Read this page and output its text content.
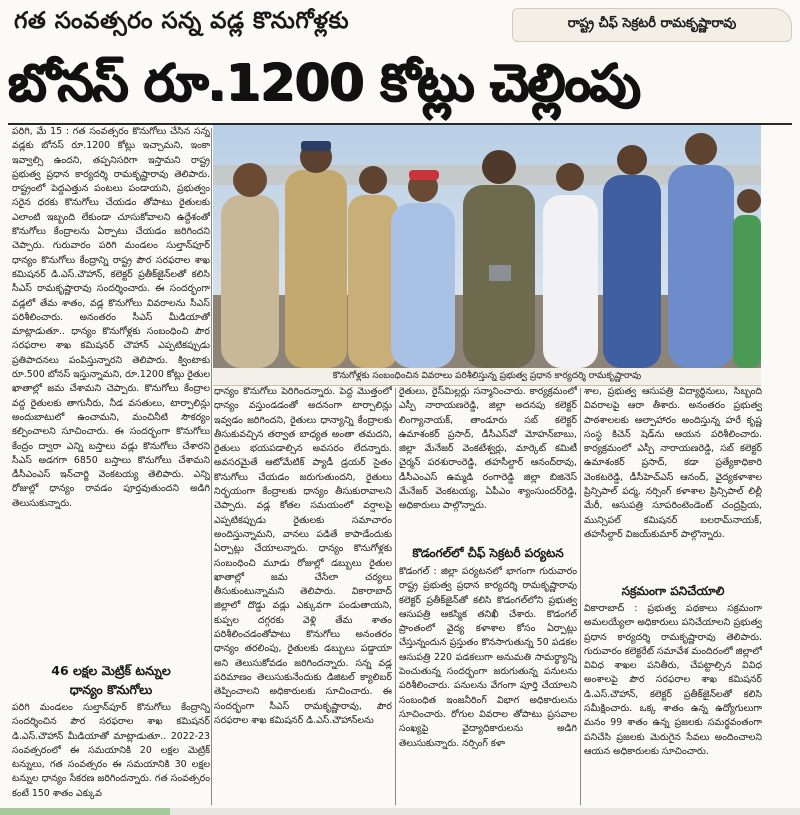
గత సంవత్సరం సన్న వడ్ల కొనుగోళ్లకు	రాష్ట్ర చీఫ్ సెక్రటరీ రామకృష్ణారావు
బోనస్ రూ.1200 కోట్లు చెల్లింపు

పరిగి, మే 15 : గత సంవత్సరం కొనుగోలు చేసిన సన్న వడ్లకు బోనస్ రూ.1200 కోట్లు ఇచ్చామని, ఇంకా ఇవ్వాల్సి ఉందని, తప్పనిసరిగా ఇస్తామని రాష్ట్ర ప్రభుత్వ ప్రధాన కార్యదర్శి రామకృష్ణారావు తెలిపారు. రాష్ట్రంలో పెద్దఎత్తున పంటలు పండాయని, ప్రభుత్వం సరైన ధరకు కొనుగోలు చేయడం తోపాటు రైతులకు ఎలాంటి ఇబ్బంది లేకుండా చూసుకోవాలని ఉద్దేశంతో కొనుగోలు కేంద్రాలను ఏర్పాటు చేయడం జరిగిందని చెప్పారు. గురువారం పరిగి మండలం సుల్తాన్‌పూర్ ధాన్యం కొనుగోలు కేంద్రాన్ని రాష్ట్ర పౌర సరఫరాల శాఖ కమిషనర్ డి.ఎస్.చౌహాన్, కలెక్టర్ ప్రతీక్‌జైన్‌లతో కలిసి సీఎస్ రామకృష్ణారావు సందర్శించారు. ఈ సందర్భంగా వడ్లలో తేమ శాతం, వడ్ల కొనుగోలు వివరాలను సీఎస్ పరిశీలించారు. అనంతరం సీఎస్ మీడియాతో మాట్లాడుతూ.. ధాన్యం కొనుగోళ్లకు సంబంధించి పౌర సరఫరాల శాఖ కమిషనర్ చౌహాన్ ఎప్పటికప్పుడు ప్రతిపాదనలు పంపిస్తున్నారని తెలిపారు. క్వింటాకు రూ.500 బోనస్ ఇస్తున్నామని, రూ.1200 కోట్లు రైతుల ఖాతాల్లో జమ చేశామని చెప్పారు. కొనుగోలు కేంద్రాల వద్ద రైతులకు తాగునీరు, నీడ వసతులు, టార్పాలిన్లు అందుబాటులో ఉంచామని, మంచినీటి సౌకర్యం కల్పించాలని సూచించారు. ఈ సందర్భంగా కొనుగోలు కేంద్రం ద్వారా ఎన్ని బస్తాలు వడ్లు కొనుగోలు చేశారని సీఎస్ అడగగా 6850 బస్తాలు కొనుగోలు చేశామని డీసీఎంఎస్ ఇన్‌చార్జి వెంకటయ్య తెలిపారు. ఎన్ని రోజుల్లో ధాన్యం రావడం పూర్తవుతుందని అడిగి తెలుసుకున్నారు.

46 లక్షల మెట్రిక్ టన్నుల
ధాన్యం కొనుగోలు

పరిగి మండలం సుల్తాన్‌పూర్ కొనుగోలు కేంద్రాన్ని సందర్శించిన పౌర సరఫరాల శాఖ కమిషనర్ డి.ఎస్.చౌహాన్ మీడియాతో మాట్లాడుతూ.. 2022-23 సంవత్సరంలో ఈ సమయానికి 20 లక్షల మెట్రిక్ టన్నులు, గత సంవత్సరం ఈ సమయానికి 30 లక్షల టన్నుల ధాన్యం సేకరణ జరిగిందన్నారు. గత సంవత్సరం కంటే 150 శాతం ఎక్కువ

కొనుగోళ్లకు సంబంధించిన వివరాలు పరిశీలిస్తున్న ప్రభుత్వ ప్రధాన కార్యదర్శి రామకృష్ణారావు

ధాన్యం కొనుగోలు పెరిగిందన్నారు. పెద్ద మొత్తంలో ధాన్యం వస్తుండడంతో అదనంగా టార్పాలిన్లు ఇవ్వడం జరిగిందని, రైతులు ధాన్యాన్ని కేంద్రాలకు తీసుకువచ్చిన తర్వాత బాధ్యత అంతా తమదని, రైతులు భయపడాల్సిన అవసరం లేదన్నారు. అవసరమైతే ఆటోమేటిక్ ప్యాడీ డ్రయర్ సైతం కొనుగోలు చేయడం జరుగుతుందని, రైతులు నిర్భయంగా కేంద్రాలకు ధాన్యం తీసుకురావాలని చెప్పారు. వడ్ల కోతల సమయంలో వర్షాలపై ఎప్పటికప్పుడు రైతులకు సమాచారం అందిస్తున్నామని, వానలు పడితే కాపాడేందుకు ఏర్పాట్లు చేయాలన్నారు. ధాన్యం కొనుగోళ్లకు సంబంధించి మూడు రోజుల్లో డబ్బులు రైతుల ఖాతాల్లో జమ చేసేలా చర్యలు తీసుకుంటున్నామని తెలిపారు. వికారాబాద్ జిల్లాలో దొడ్డు వడ్లు ఎక్కువగా పండుతాయని, కుప్పల దగ్గరకు వెళ్లి తేమ శాతం పరిశీలించడంతోపాటు కొనుగోలు అనంతరం ధాన్యం తరలింపు, రైతులకు డబ్బులు పడ్డాయా అని తెలుసుకోవడం జరిగిందన్నారు. సన్న వడ్ల పరిమాణం తెలుసుకునేందుకు డిజిటల్ క్యాలిబర్ తెప్పించాలని అధికారులకు సూచించారు. ఈ సందర్భంగా సీఎస్ రామకృష్ణారావు, పౌర సరఫరాల శాఖ కమిషనర్ డి.ఎస్.చౌహాన్‌లను

రైతులు, రైస్‌మిల్లర్లు సన్మానించారు. కార్యక్రమంలో ఎస్పీ నారాయణరెడ్డి, జిల్లా అదనపు కలెక్టర్ లింగ్యానాయక్, తాండూరు సబ్ కలెక్టర్ ఉమాశంకర్ ప్రసాద్, డీసీఎస్‌వో మోహన్‌బాబు, జిల్లా మేనేజర్ వెంకటేశ్వర్లు, మార్కెట్ కమిటీ చైర్మన్ పరశురాంరెడ్డి, తహసీల్దార్ ఆనంద్‌రావు, డీసీఎంఎస్ ఉమ్మడి రంగారెడ్డి జిల్లా బిజినెస్ మేనేజర్ వెంకటయ్య, ఏపీఎం శ్యాంసుందర్‌రెడ్డి, అధికారులు పాల్గొన్నారు.

కొడంగల్‌లో చీఫ్ సెక్రటరీ పర్యటన

కొడంగల్ : జిల్లా పర్యటనలో భాగంగా గురువారం రాష్ట్ర ప్రభుత్వ ప్రధాన కార్యదర్శి రామకృష్ణారావు కలెక్టర్ ప్రతీక్‌జైన్‌తో కలిసి కొడంగల్‌లోని ప్రభుత్వ ఆసుపత్రి ఆకస్మిక తనిఖీ చేశారు. కొడంగల్ ప్రాంతంలో వైద్య కళాశాల కోసం ఏర్పాట్లు చేస్తున్నందున ప్రస్తుతం కొనసాగుతున్న 50 పడకల ఆసుపత్రి 220 పడకలుగా అనుమతి సామర్థ్యాన్ని పెంచుతున్న సందర్భంగా జరుగుతున్న పనులను పరిశీలించారు. పనులను వేగంగా పూర్తి చేయాలని సంబంధిత ఇంజనీరింగ్ విభాగ అధికారులను సూచించారు. రోగుల వివరాల తోపాటు ప్రసవాల సంఖ్యపై వైద్యాధికారులను అడిగి తెలుసుకున్నారు. నర్సింగ్ కళా

శాల, ప్రభుత్వ ఆసుపత్రి విద్యార్థినులు, సిబ్బంది వివరాలపై ఆరా తీశారు. అనంతరం ప్రభుత్వ పాఠశాలలకు ఆల్పాహారం అందిస్తున్న హరే కృష్ణ సంస్థ కిచెన్ షెడ్‌ను ఆయన పరిశీలించారు. కార్యక్రమంలో ఎస్పీ నారాయణరెడ్డి, సబ్ కలెక్టర్ ఉమాశంకర్ ప్రసాద్, కడా ప్రత్యేకాధికారి వెంకటరెడ్డి, డీసీహెచ్‌ఎస్ ఆనంద్, వైద్యకళాశాల ప్రిన్సిపాల్ పద్మ, నర్సింగ్ కళాశాల ప్రిన్సిపాల్ లిల్లీ మేరీ, ఆసుపత్రి సూపరింటెండెంట్ చంద్రప్రియ, మున్సిపల్ కమిషనర్ బలరామ్‌నాయక్, తహసీల్దార్ విజయ్‌కుమార్ పాల్గొన్నారు.

సక్రమంగా పనిచేయాలి

వికారాబాద్ : ప్రభుత్వ పథకాలు సక్రమంగా అమలయ్యేలా అధికారులు పనిచేయాలని ప్రభుత్వ ప్రధాన కార్యదర్శి రామకృష్ణారావు తెలిపారు. గురువారం కలెక్టరేట్ సమావేశ మందిరంలో జిల్లాలో వివిధ శాఖల పనితీరు, చేపట్టాల్సిన వివిధ అంశాలపై పౌర సరఫరాల శాఖ కమిషనర్ డి.ఎస్.చౌహాన్, కలెక్టర్ ప్రతీక్‌జైన్‌లతో కలిసి సమీక్షించారు. ఒక్క శాతం ఉన్న ఉద్యోగులుగా మనం 99 శాతం ఉన్న ప్రజలకు సమర్థవంతంగా పనిచేసి ప్రజలకు మెరుగైన సేవలు అందించాలని ఆయన అధికారులకు సూచించారు.
